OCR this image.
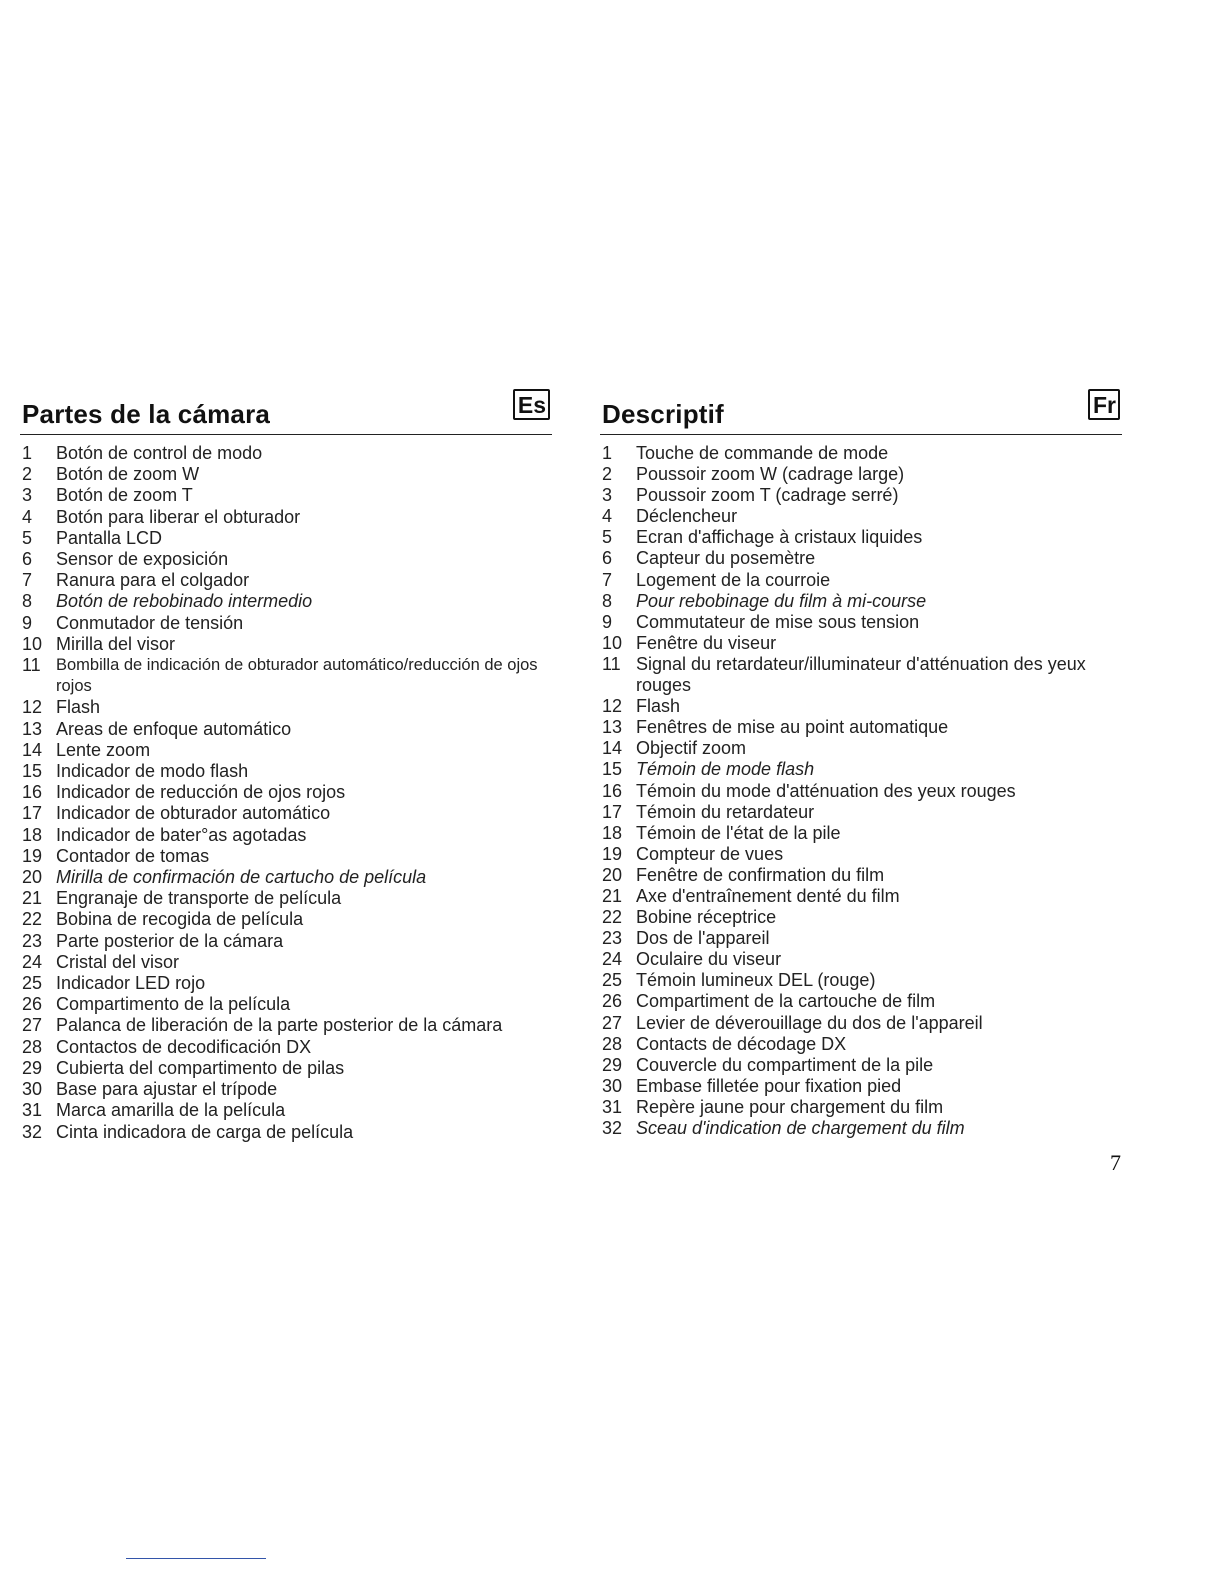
Partes de la cámara	Es
1	Botón de control de modo
2	Botón de zoom W
3	Botón de zoom T
4	Botón para liberar el obturador
5	Pantalla LCD
6	Sensor de exposición
7	Ranura para el colgador
8	Botón de rebobinado intermedio
9	Conmutador de tensión
10 Mirilla del visor
11 Bombilla de indicación de obturador automático/reducción de ojos rojos
12 Flash
13 Areas de enfoque automático
14 Lente zoom
15 Indicador de modo flash
16 Indicador de reducción de ojos rojos
17 Indicador de obturador automático
18 Indicador de bater°as agotadas
19 Contador de tomas
20 Mirilla de confirmación de cartucho de película
21 Engranaje de transporte de película
22 Bobina de recogida de película
23 Parte posterior de la cámara
24 Cristal del visor
25 Indicador LED rojo
26 Compartimento de la película
27 Palanca de liberación de la parte posterior de la cámara
28 Contactos de decodificación DX
29 Cubierta del compartimento de pilas
30 Base para ajustar el trípode
31 Marca amarilla de la película
32 Cinta indicadora de carga de película
Descriptif	Fr
1	Touche de commande de mode
2	Poussoir zoom W (cadrage large)
3	Poussoir zoom T (cadrage serré)
4	Déclencheur
5	Ecran d'affichage à cristaux liquides
6	Capteur du posemètre
7	Logement de la courroie
8	Pour rebobinage du film à mi-course
9	Commutateur de mise sous tension
10 Fenêtre du viseur
11 Signal du retardateur/illuminateur d'atténuation des yeux rouges
12 Flash
13 Fenêtres de mise au point automatique
14 Objectif zoom
15 Témoin de mode flash
16 Témoin du mode d'atténuation des yeux rouges
17 Témoin du retardateur
18 Témoin de l'état de la pile
19 Compteur de vues
20 Fenêtre de confirmation du film
21 Axe d'entraînement denté du film
22 Bobine réceptrice
23 Dos de l'appareil
24 Oculaire du viseur
25 Témoin lumineux DEL (rouge)
26 Compartiment de la cartouche de film
27 Levier de déverouillage du dos de l'appareil
28 Contacts de décodage DX
29 Couvercle du compartiment de la pile
30 Embase filletée pour fixation pied
31 Repère jaune pour chargement du film
32 Sceau d'indication de chargement du film
7
